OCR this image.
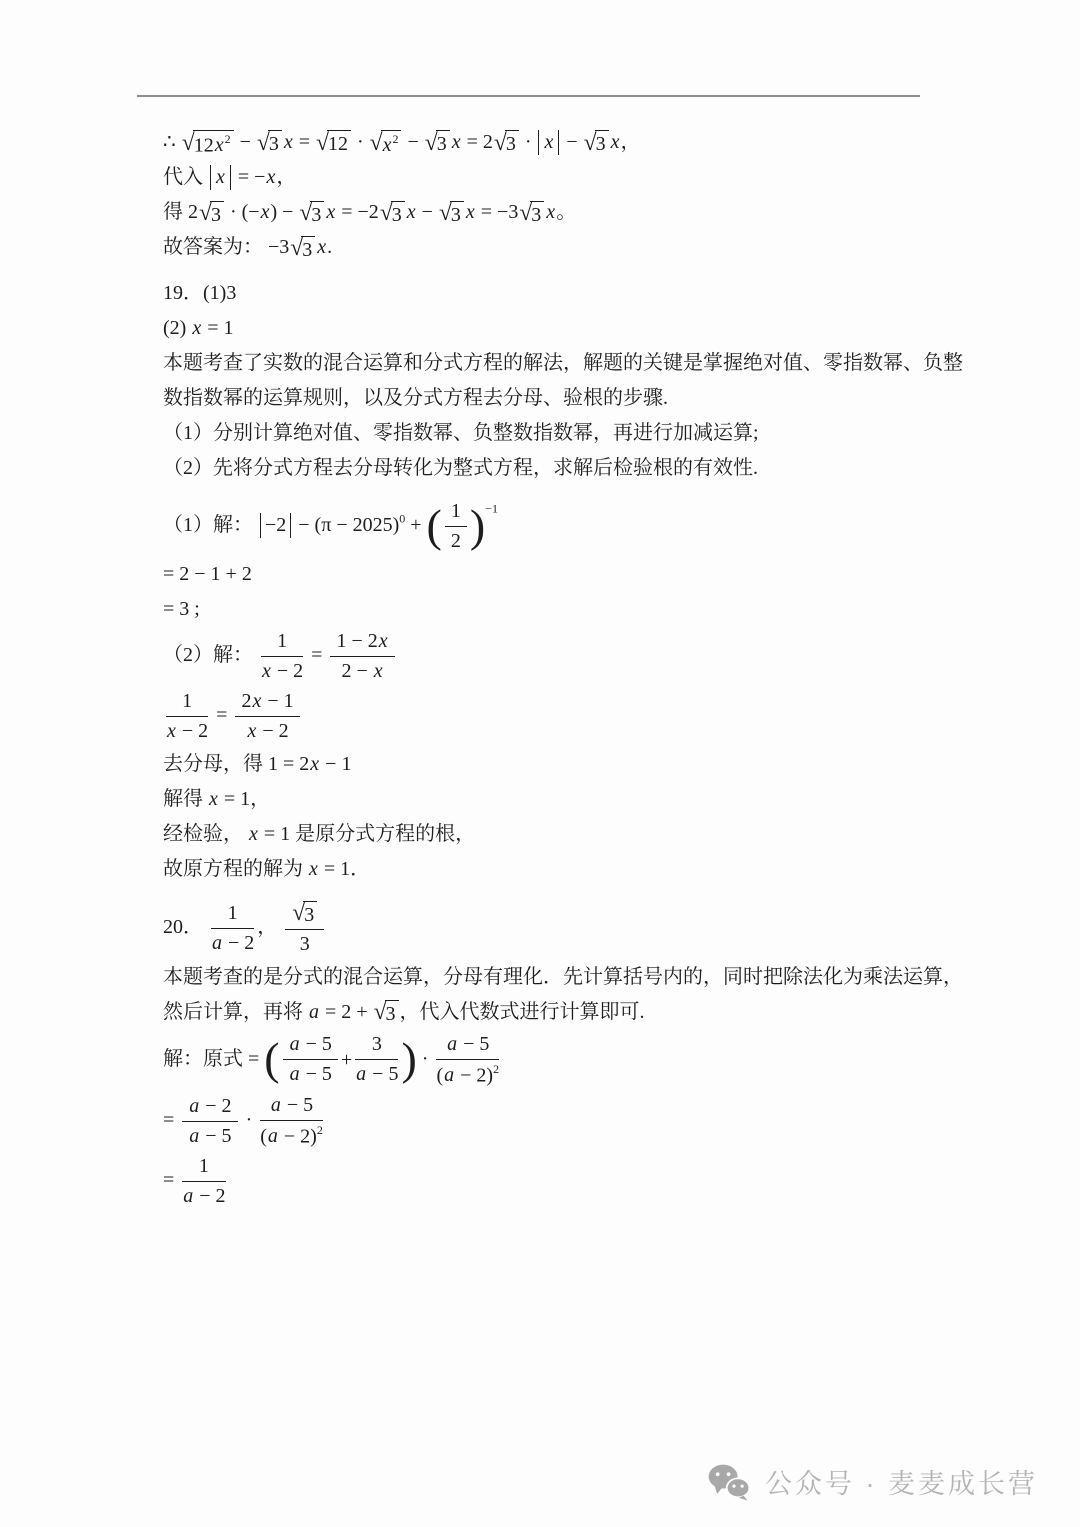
∴ √ $12x^2$ − √ 3 x = √ 12 · √ $x^2$ − √ 3 x = 2 √ 3 · x − √ 3 x，
代入 x = −x，
得 2 √ 3 · (−x) − √ 3 x = −2 √ 3 x − √ 3 x = −3 √ 3 x。
故答案为： −3 √ 3 x.
19．(1)3
(2) x = 1
本题考查了实数的混合运算和分式方程的解法，解题的关键是掌握绝对值、零指数幂、负整
数指数幂的运算规则，以及分式方程去分母、验根的步骤.
（1）分别计算绝对值、零指数幂、负整数指数幂，再进行加减运算;
（2）先将分式方程去分母转化为整式方程，求解后检验根的有效性.
（1）解： $-2 - (\pi - 2025)^0$ + ( $\frac{1}{2}$
) $^{-1}$
= 2 − 1 + 2
= 3 ;
（2）解： $\frac{1}{x - 2} = \frac{1 - 2x}{2 - x}$
$\frac{1}{x - 2} = \frac{2x - 1}{x - 2}$
去分母，得 1 = 2x − 1
解得 x = 1，
经检验， x = 1 是原分式方程的根，
故原方程的解为 x = 1．
20． $\frac{1}{a - 2}$ ， √ $\frac{3}{3}$
本题考查的是分式的混合运算，分母有理化．先计算括号内的，同时把除法化为乘法运算，
然后计算，再将 a = 2 + √ 3 ，代入代数式进行计算即可.
解：原式 = ( $\frac{a - 5}{a - 5} + \frac{3}{a - 5}$
) · $\frac{a - 5}{(a - 2)^2}$
= $\frac{a - 2}{a - 5} \cdot \frac{a - 5}{(a - 2)^2}$
= $\frac{1}{a - 2}$
公众号 · 麦麦成长营
